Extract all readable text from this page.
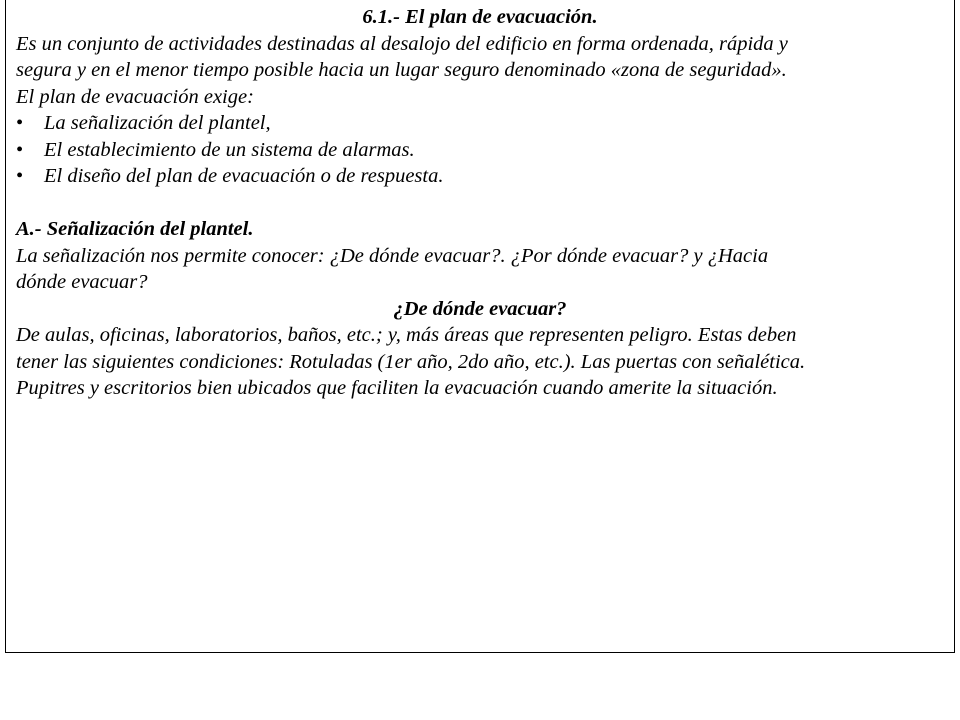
6.1.- El plan de evacuación.
Es un conjunto de actividades destinadas al desalojo del edificio en forma ordenada, rápida y
segura y en el menor tiempo posible hacia un lugar seguro denominado «zona de seguridad».
El plan de evacuación exige:
•	La señalización del plantel,
•	El establecimiento de un sistema de alarmas.
•	El diseño del plan de evacuación o de respuesta.
A.- Señalización del plantel.
La señalización nos permite conocer: ¿De dónde evacuar?. ¿Por dónde evacuar? y ¿Hacia
dónde evacuar?
¿De dónde evacuar?
De aulas, oficinas, laboratorios, baños, etc.; y, más áreas que representen peligro. Estas deben
tener las siguientes condiciones: Rotuladas (1er año, 2do año, etc.). Las puertas con señalética.
Pupitres y escritorios bien ubicados que faciliten la evacuación cuando amerite la situación.
